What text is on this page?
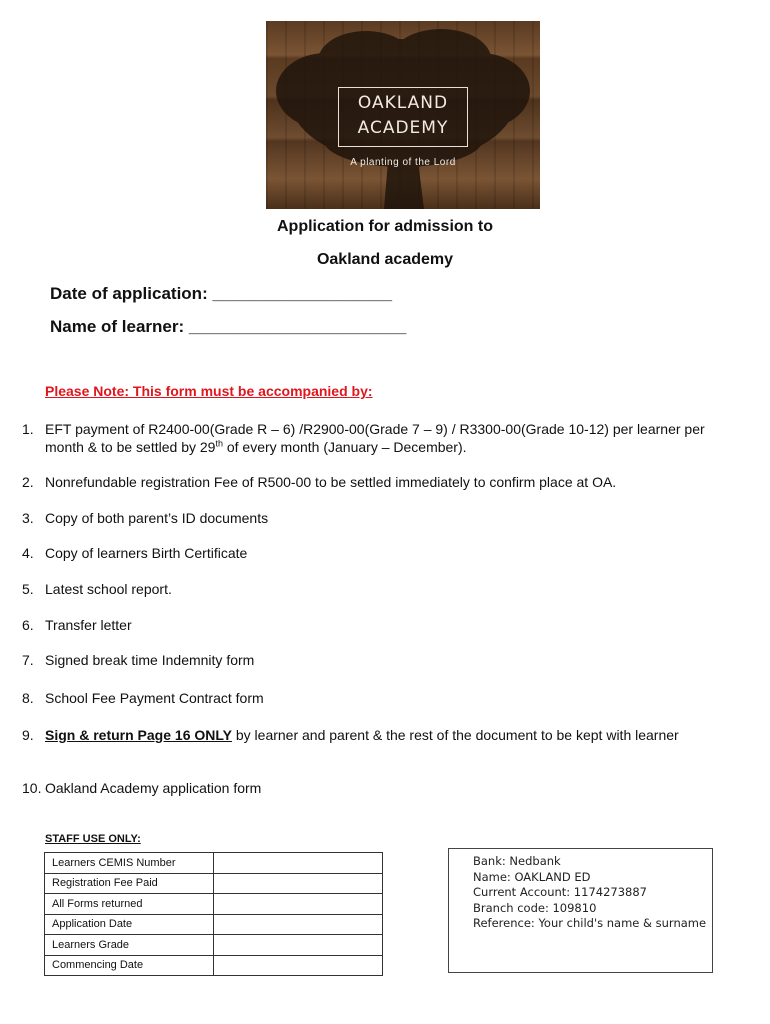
OAKLAND
ACADEMY
A planting of the Lord
Application for admission to
Oakland academy
Date of application: ___________________
Name of learner: _______________________
Please Note: This form must be accompanied by:
1. EFT payment of R2400-00(Grade R – 6) /R2900-00(Grade 7 – 9) / R3300-00(Grade 10-12) per learner per month & to be settled by 29th of every month (January – December).
2. Nonrefundable registration Fee of R500-00 to be settled immediately to confirm place at OA.
3. Copy of both parent’s ID documents
4. Copy of learners Birth Certificate
5. Latest school report.
6. Transfer letter
7. Signed break time Indemnity form
8. School Fee Payment Contract form
9. Sign & return Page 16 ONLY by learner and parent & the rest of the document to be kept with learner
10. Oakland Academy application form
STAFF USE ONLY:
Learners CEMIS Number	
Registration Fee Paid	
All Forms returned	
Application Date	
Learners Grade	
Commencing Date	
Bank: Nedbank
Name: OAKLAND ED
Current Account: 1174273887
Branch code: 109810
Reference: Your child's name & surname
